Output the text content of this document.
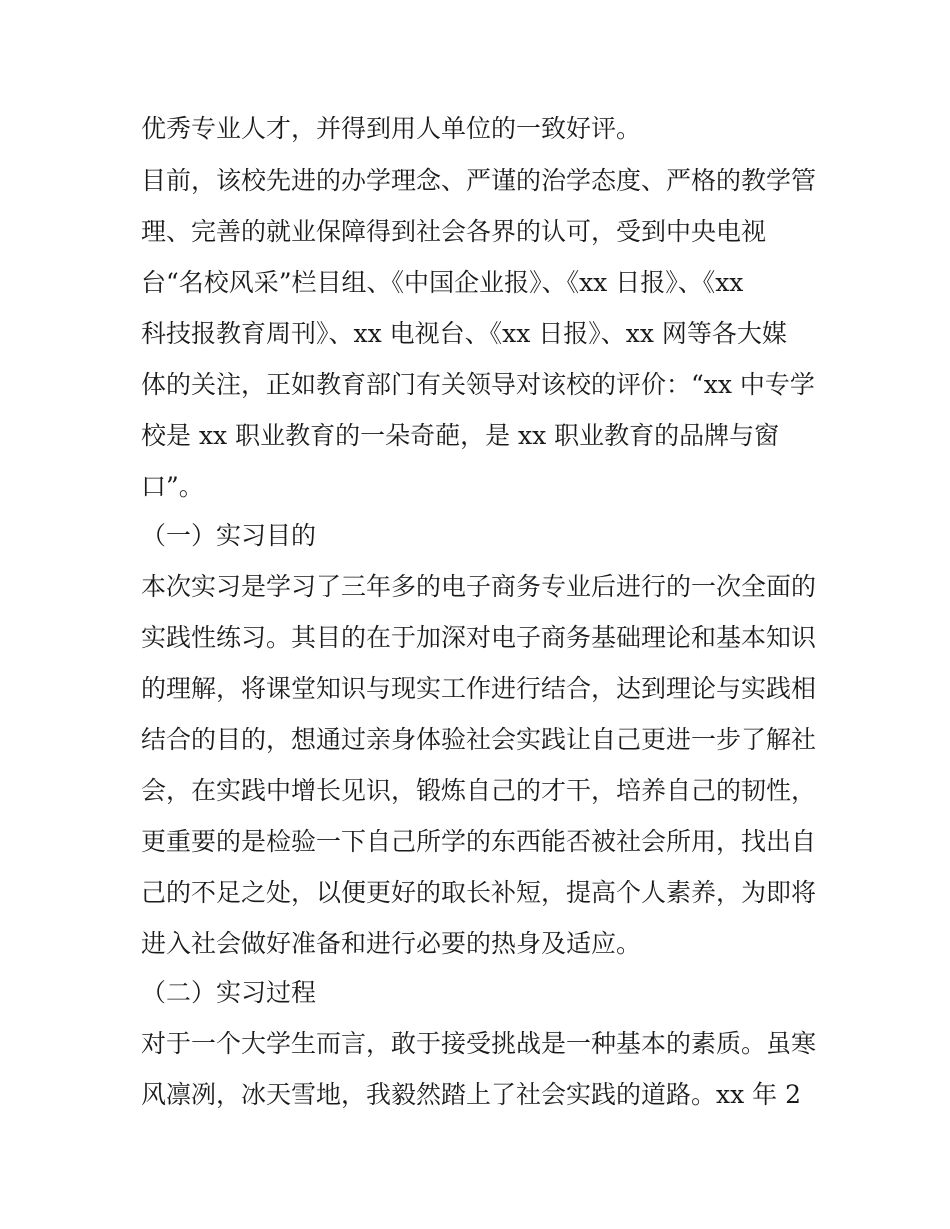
优秀专业人才，并得到用人单位的一致好评。

目前，该校先进的办学理念、严谨的治学态度、严格的教学管

理、完善的就业保障得到社会各界的认可，受到中央电视

台“名校风采”栏目组、《中国企业报》、《xx 日报》、《xx

科技报教育周刊》、xx 电视台、《xx 日报》、xx 网等各大媒

体的关注，正如教育部门有关领导对该校的评价：“xx 中专学

校是 xx 职业教育的一朵奇葩，是 xx 职业教育的品牌与窗

口”。

（一）实习目的

本次实习是学习了三年多的电子商务专业后进行的一次全面的

实践性练习。其目的在于加深对电子商务基础理论和基本知识

的理解，将课堂知识与现实工作进行结合，达到理论与实践相

结合的目的，想通过亲身体验社会实践让自己更进一步了解社

会，在实践中增长见识，锻炼自己的才干，培养自己的韧性，

更重要的是检验一下自己所学的东西能否被社会所用，找出自

己的不足之处，以便更好的取长补短，提高个人素养，为即将

进入社会做好准备和进行必要的热身及适应。

（二）实习过程

对于一个大学生而言，敢于接受挑战是一种基本的素质。虽寒

风凛冽，冰天雪地，我毅然踏上了社会实践的道路。xx 年 2
